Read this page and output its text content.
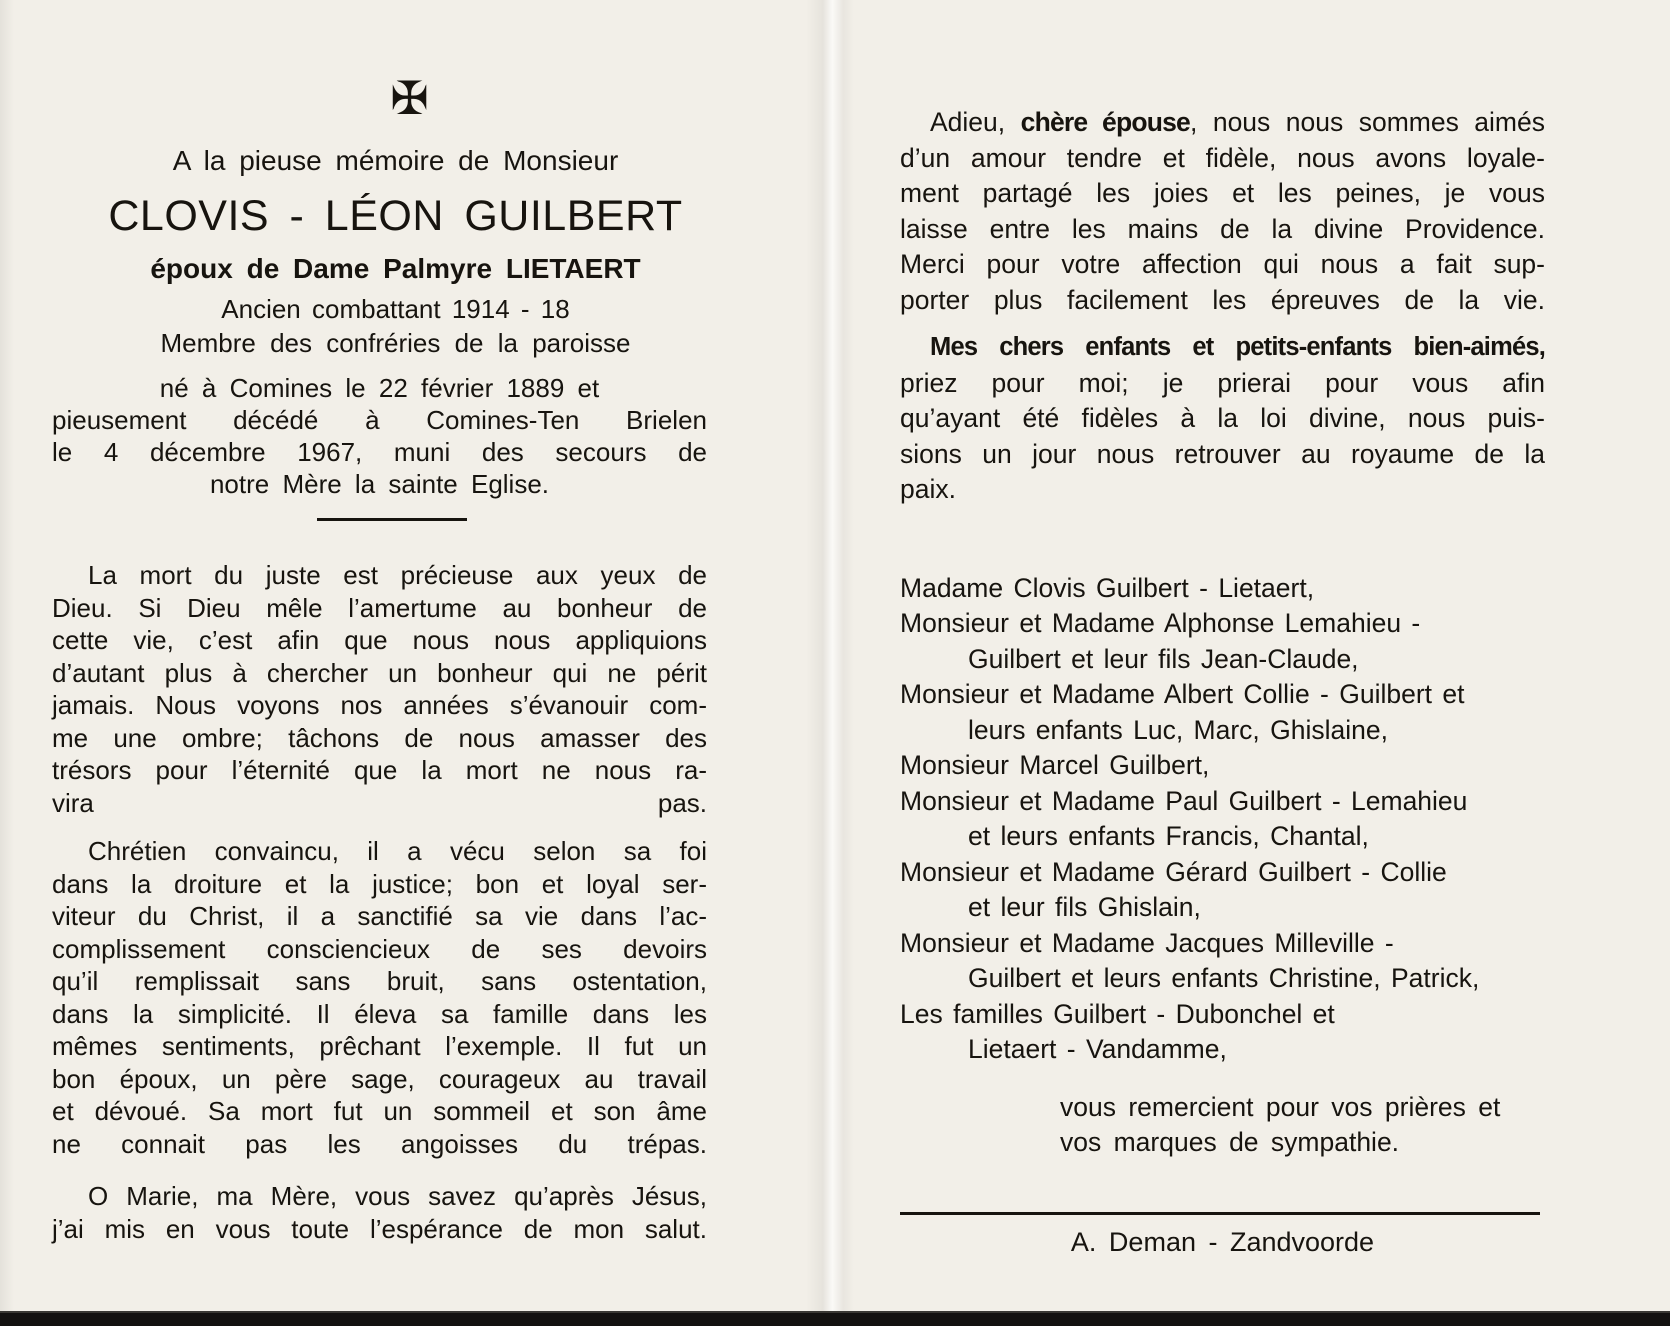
✠
A la pieuse mémoire de Monsieur
CLOVIS - LÉON GUILBERT
époux de Dame Palmyre LIETAERT
Ancien combattant 1914 - 18
Membre des confréries de la paroisse
né à Comines le 22 février 1889 et
pieusement décédé à Comines-Ten Brielen
le 4 décembre 1967, muni des secours de
notre Mère la sainte Eglise.
La mort du juste est précieuse aux yeux de
Dieu. Si Dieu mêle l’amertume au bonheur de
cette vie, c’est afin que nous nous appliquions
d’autant plus à chercher un bonheur qui ne périt
jamais. Nous voyons nos années s’évanouir com-
me une ombre; tâchons de nous amasser des
trésors pour l’éternité que la mort ne nous ra-
vira pas.
Chrétien convaincu, il a vécu selon sa foi
dans la droiture et la justice; bon et loyal ser-
viteur du Christ, il a sanctifié sa vie dans l’ac-
complissement consciencieux de ses devoirs
qu’il remplissait sans bruit, sans ostentation,
dans la simplicité. Il éleva sa famille dans les
mêmes sentiments, prêchant l’exemple. Il fut un
bon époux, un père sage, courageux au travail
et dévoué. Sa mort fut un sommeil et son âme
ne connait pas les angoisses du trépas.
O Marie, ma Mère, vous savez qu’après Jésus,
j’ai mis en vous toute l’espérance de mon salut.
Adieu, chère épouse, nous nous sommes aimés
d’un amour tendre et fidèle, nous avons loyale-
ment partagé les joies et les peines, je vous
laisse entre les mains de la divine Providence.
Merci pour votre affection qui nous a fait sup-
porter plus facilement les épreuves de la vie.
Mes chers enfants et petits-enfants bien-aimés,
priez pour moi; je prierai pour vous afin
qu’ayant été fidèles à la loi divine, nous puis-
sions un jour nous retrouver au royaume de la
paix.
Madame Clovis Guilbert - Lietaert,
Monsieur et Madame Alphonse Lemahieu -
Guilbert et leur fils Jean-Claude,
Monsieur et Madame Albert Collie - Guilbert et
leurs enfants Luc, Marc, Ghislaine,
Monsieur Marcel Guilbert,
Monsieur et Madame Paul Guilbert - Lemahieu
et leurs enfants Francis, Chantal,
Monsieur et Madame Gérard Guilbert - Collie
et leur fils Ghislain,
Monsieur et Madame Jacques Milleville -
Guilbert et leurs enfants Christine, Patrick,
Les familles Guilbert - Dubonchel et
Lietaert - Vandamme,
vous remercient pour vos prières et
vos marques de sympathie.
A. Deman - Zandvoorde
